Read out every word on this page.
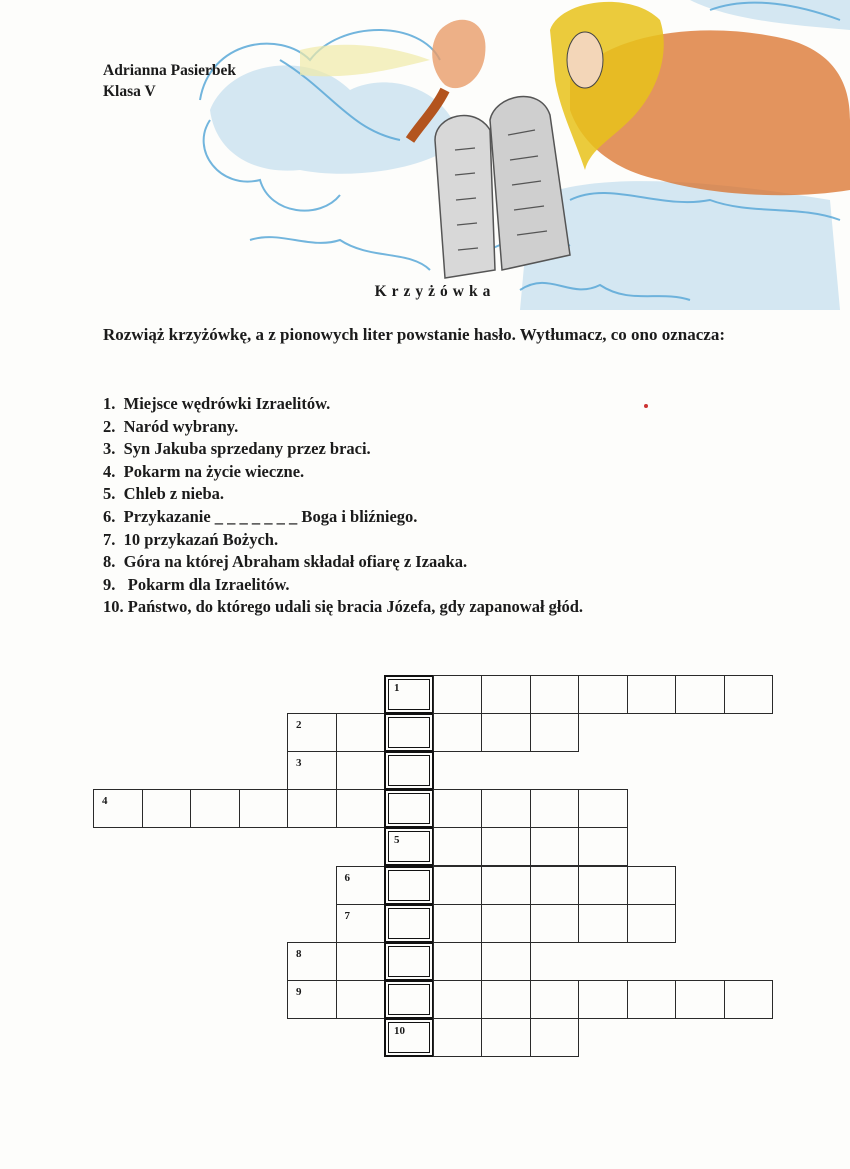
Adrianna Pasierbek
Klasa V
Krzyżówka
Rozwiąż krzyżówkę, a z pionowych liter powstanie hasło. Wytłumacz, co ono oznacza:
1.  Miejsce wędrówki Izraelitów.
2.  Naród wybrany.
3.  Syn Jakuba sprzedany przez braci.
4.  Pokarm na życie wieczne.
5.  Chleb z nieba.
6.  Przykazanie _ _ _ _ _ _ _ Boga i bliźniego.
7.  10 przykazań Bożych.
8.  Góra na której Abraham składał ofiarę z Izaaka.
9.   Pokarm dla Izraelitów.
10. Państwo, do którego udali się bracia Józefa, gdy zapanował głód.
1
2
3
4
5
6
7
8
9
10
